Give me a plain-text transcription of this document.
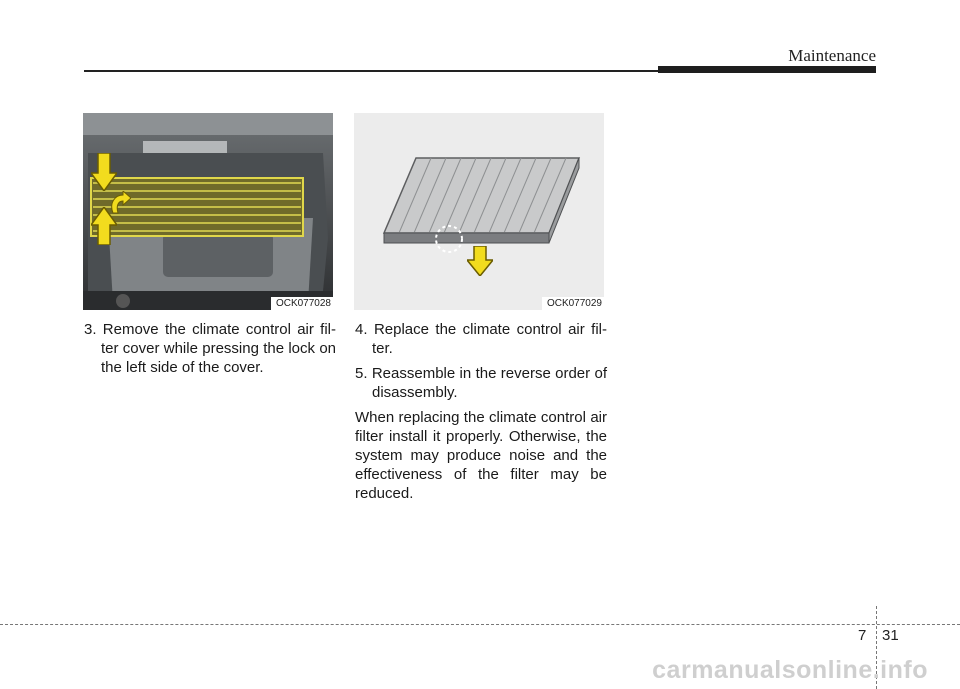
Maintenance
OCK077028	OCK077029

3. Remove the climate control air fil- ter cover while pressing the lock on the left side of the cover.

4. Replace the climate control air fil- ter.

5. Reassemble in the reverse order of disassembly.

When replacing the climate control air filter install it properly. Otherwise, the system may produce noise and the effectiveness of the filter may be reduced.

7 31
carmanualsonline.info
